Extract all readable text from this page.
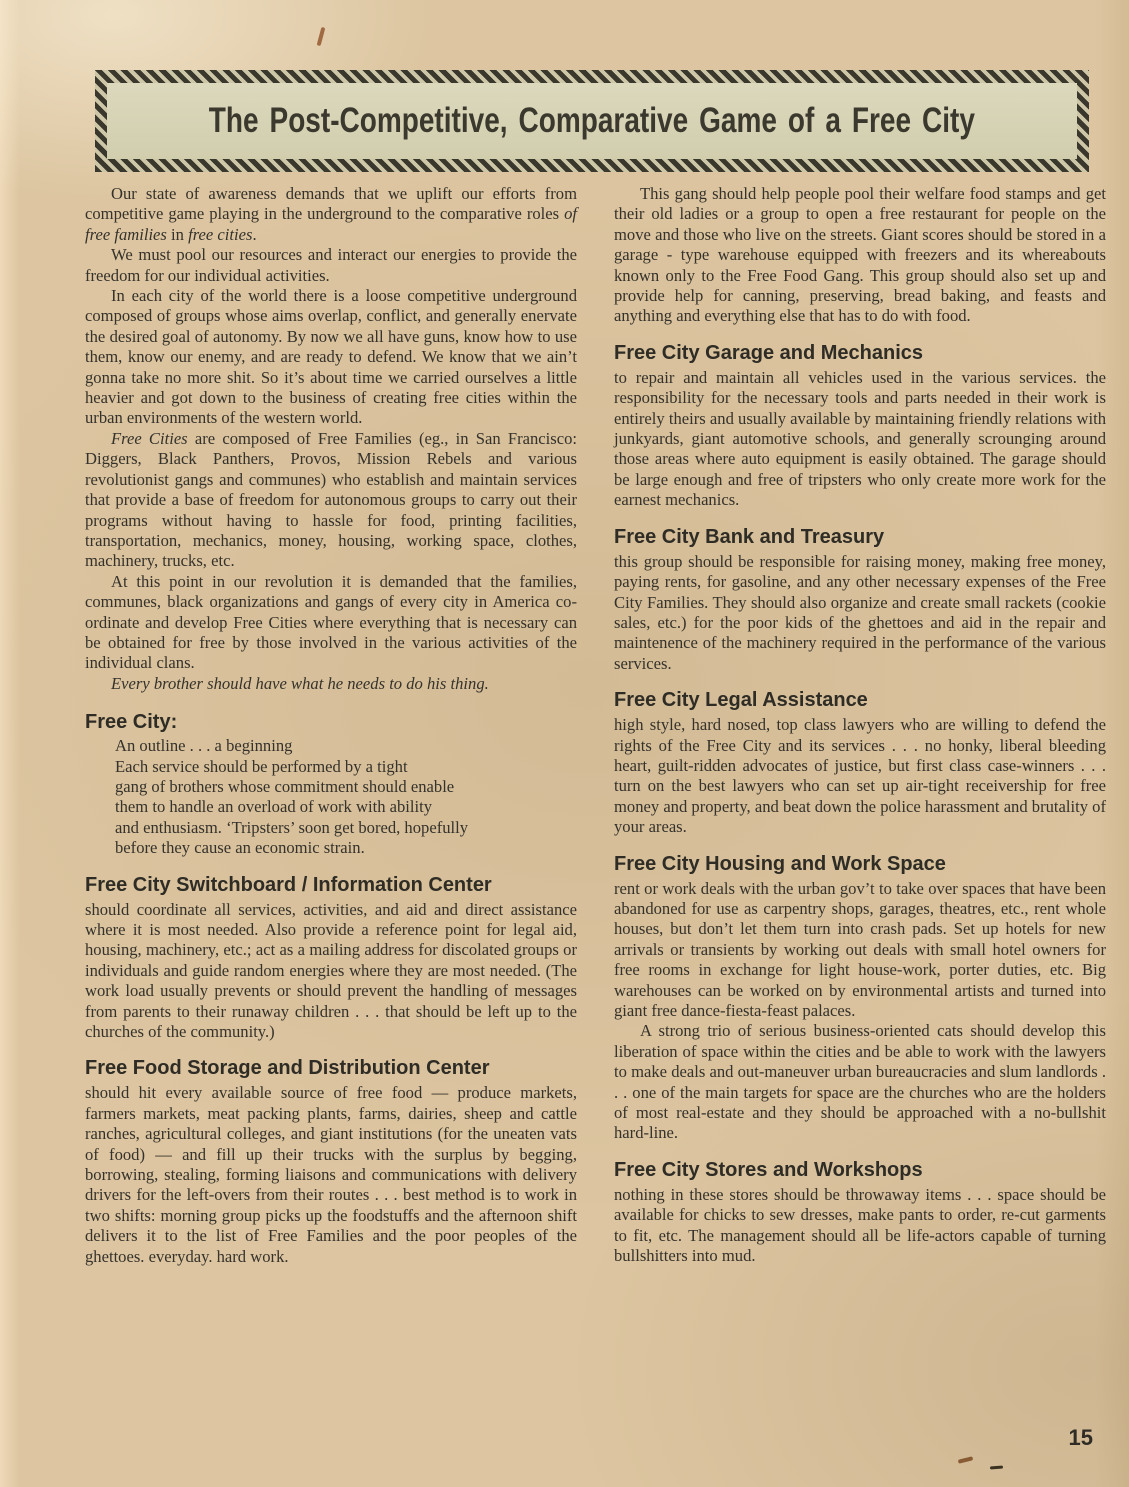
The Post-Competitive, Comparative Game of a Free City

Our state of awareness demands that we uplift our efforts from competitive game playing in the underground to the comparative roles of free families in free cities.

We must pool our resources and interact our energies to provide the freedom for our individual activities.

In each city of the world there is a loose competitive underground composed of groups whose aims overlap, conflict, and generally enervate the desired goal of autonomy. By now we all have guns, know how to use them, know our enemy, and are ready to defend. We know that we ain’t gonna take no more shit. So it’s about time we carried ourselves a little heavier and got down to the business of creating free cities within the urban environments of the western world.

Free Cities are composed of Free Families (eg., in San Francisco: Diggers, Black Panthers, Provos, Mission Rebels and various revolutionist gangs and communes) who establish and maintain services that provide a base of freedom for autonomous groups to carry out their programs without having to hassle for food, printing facilities, transportation, mechanics, money, housing, working space, clothes, machinery, trucks, etc.

At this point in our revolution it is demanded that the families, communes, black organizations and gangs of every city in America co-ordinate and develop Free Cities where everything that is necessary can be obtained for free by those involved in the various activities of the individual clans.

Every brother should have what he needs to do his thing.

Free City:
An outline . . . a beginning
Each service should be performed by a tight
gang of brothers whose commitment should enable
them to handle an overload of work with ability
and enthusiasm. ‘Tripsters’ soon get bored, hopefully
before they cause an economic strain.
Free City Switchboard / Information Center

should coordinate all services, activities, and aid and direct assistance where it is most needed. Also provide a reference point for legal aid, housing, machinery, etc.; act as a mailing address for discolated groups or individuals and guide random energies where they are most needed. (The work load usually prevents or should prevent the handling of messages from parents to their runaway children . . . that should be left up to the churches of the community.)

Free Food Storage and Distribution Center

should hit every available source of free food — produce markets, farmers markets, meat packing plants, farms, dairies, sheep and cattle ranches, agricultural colleges, and giant institutions (for the uneaten vats of food) — and fill up their trucks with the surplus by begging, borrowing, stealing, forming liaisons and communications with delivery drivers for the left-overs from their routes . . . best method is to work in two shifts: morning group picks up the foodstuffs and the afternoon shift delivers it to the list of Free Families and the poor peoples of the ghettoes. everyday. hard work.

This gang should help people pool their welfare food stamps and get their old ladies or a group to open a free restaurant for people on the move and those who live on the streets. Giant scores should be stored in a garage - type warehouse equipped with freezers and its whereabouts known only to the Free Food Gang. This group should also set up and provide help for canning, preserving, bread baking, and feasts and anything and everything else that has to do with food.

Free City Garage and Mechanics

to repair and maintain all vehicles used in the various services. the responsibility for the necessary tools and parts needed in their work is entirely theirs and usually available by maintaining friendly relations with junkyards, giant automotive schools, and generally scrounging around those areas where auto equipment is easily obtained. The garage should be large enough and free of tripsters who only create more work for the earnest mechanics.

Free City Bank and Treasury

this group should be responsible for raising money, making free money, paying rents, for gasoline, and any other necessary expenses of the Free City Families. They should also organize and create small rackets (cookie sales, etc.) for the poor kids of the ghettoes and aid in the repair and maintenence of the machinery required in the performance of the various services.

Free City Legal Assistance

high style, hard nosed, top class lawyers who are willing to defend the rights of the Free City and its services . . . no honky, liberal bleeding heart, guilt-ridden advocates of justice, but first class case-winners . . . turn on the best lawyers who can set up air-tight receivership for free money and property, and beat down the police harassment and brutality of your areas.

Free City Housing and Work Space

rent or work deals with the urban gov’t to take over spaces that have been abandoned for use as carpentry shops, garages, theatres, etc., rent whole houses, but don’t let them turn into crash pads. Set up hotels for new arrivals or transients by working out deals with small hotel owners for free rooms in exchange for light house-work, porter duties, etc. Big warehouses can be worked on by environmental artists and turned into giant free dance-fiesta-feast palaces.

A strong trio of serious business-oriented cats should develop this liberation of space within the cities and be able to work with the lawyers to make deals and out-maneuver urban bureaucracies and slum landlords . . . one of the main targets for space are the churches who are the holders of most real-estate and they should be approached with a no-bullshit hard-line.

Free City Stores and Workshops

nothing in these stores should be throwaway items . . . space should be available for chicks to sew dresses, make pants to order, re-cut garments to fit, etc. The management should all be life-actors capable of turning bullshitters into mud.

15
